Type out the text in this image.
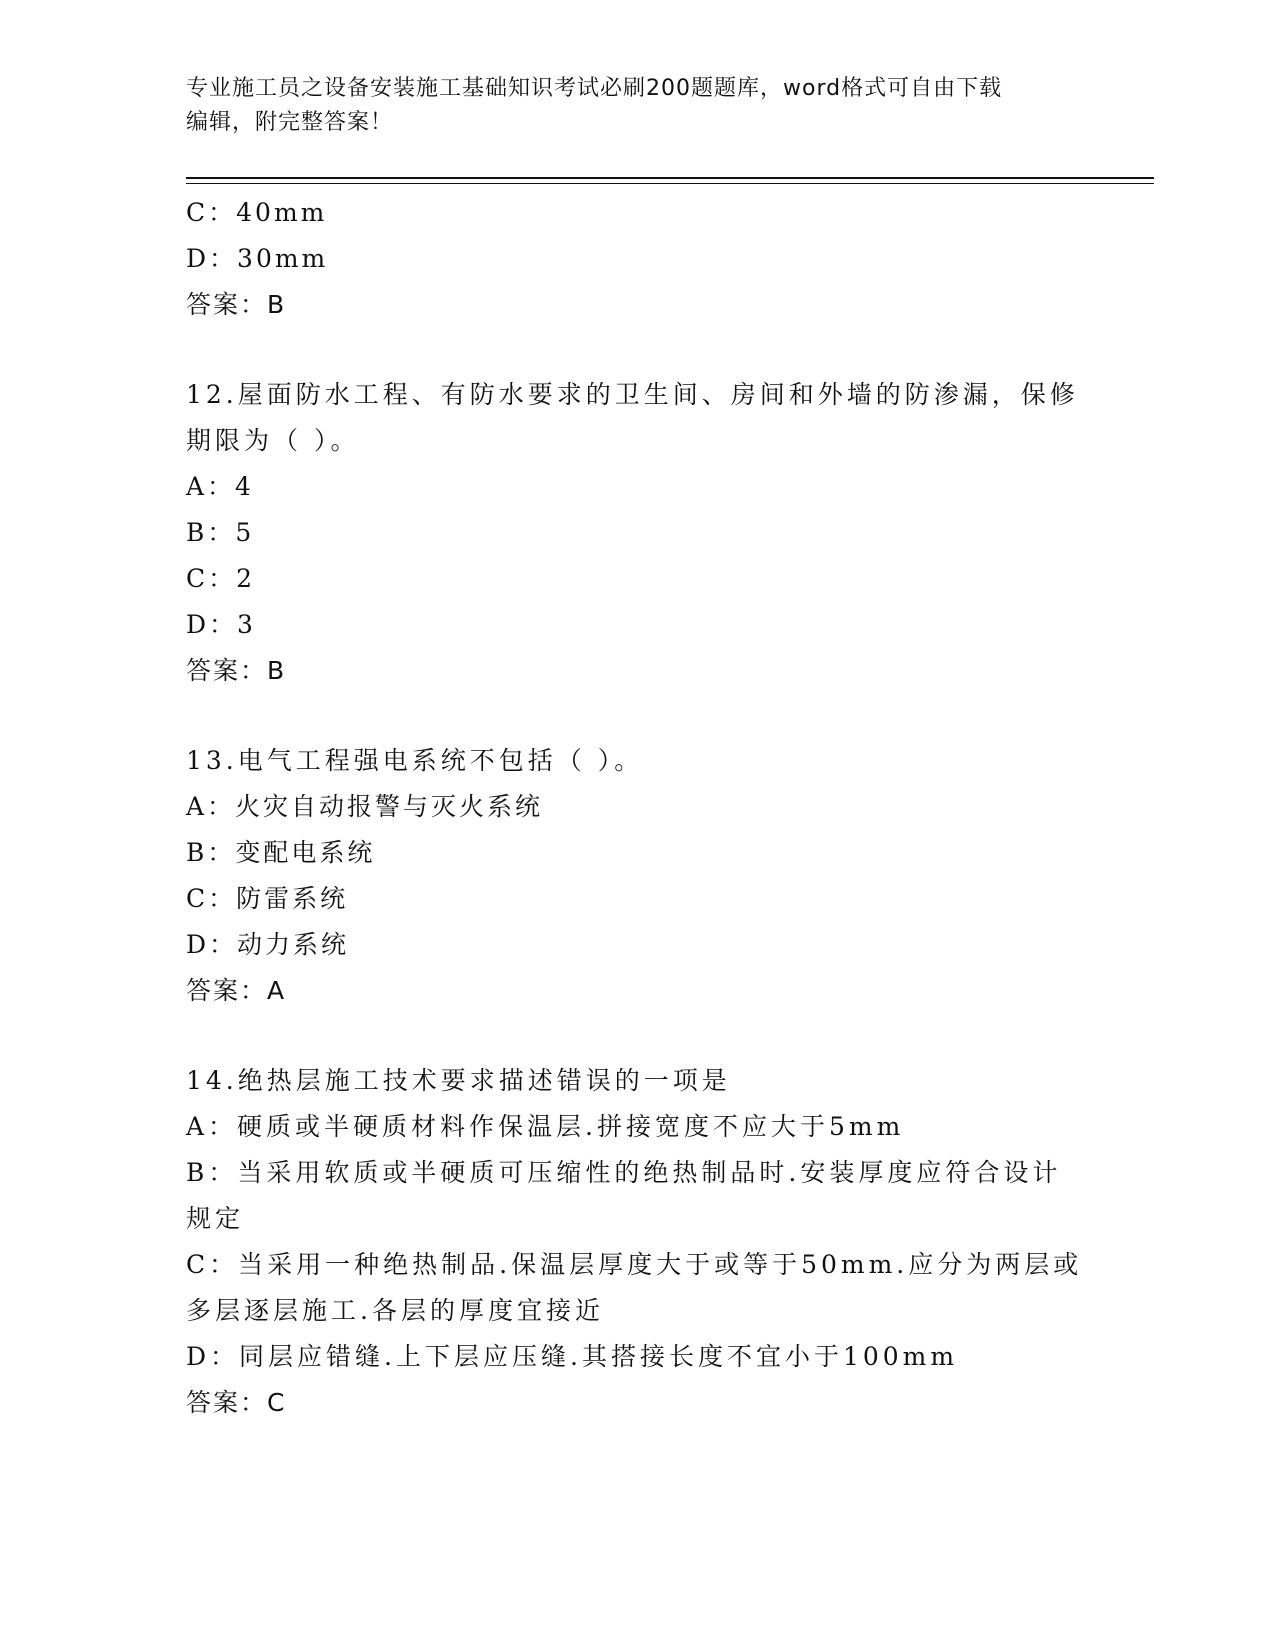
专业施工员之设备安装施工基础知识考试必刷200题题库，word格式可自由下载
编辑，附完整答案！
C：40mm
D：30mm
答案：B
12.屋面防水工程、有防水要求的卫生间、房间和外墙的防渗漏，保修期限为（ ）。
A：4
B：5
C：2
D：3
答案：B
13.电气工程强电系统不包括（ ）。
A：火灾自动报警与灭火系统
B：变配电系统
C：防雷系统
D：动力系统
答案：A
14.绝热层施工技术要求描述错误的一项是
A：硬质或半硬质材料作保温层.拼接宽度不应大于5mm
B：当采用软质或半硬质可压缩性的绝热制品时.安装厚度应符合设计规定
C：当采用一种绝热制品.保温层厚度大于或等于50mm.应分为两层或多层逐层施工.各层的厚度宜接近
D：同层应错缝.上下层应压缝.其搭接长度不宜小于100mm
答案：C
